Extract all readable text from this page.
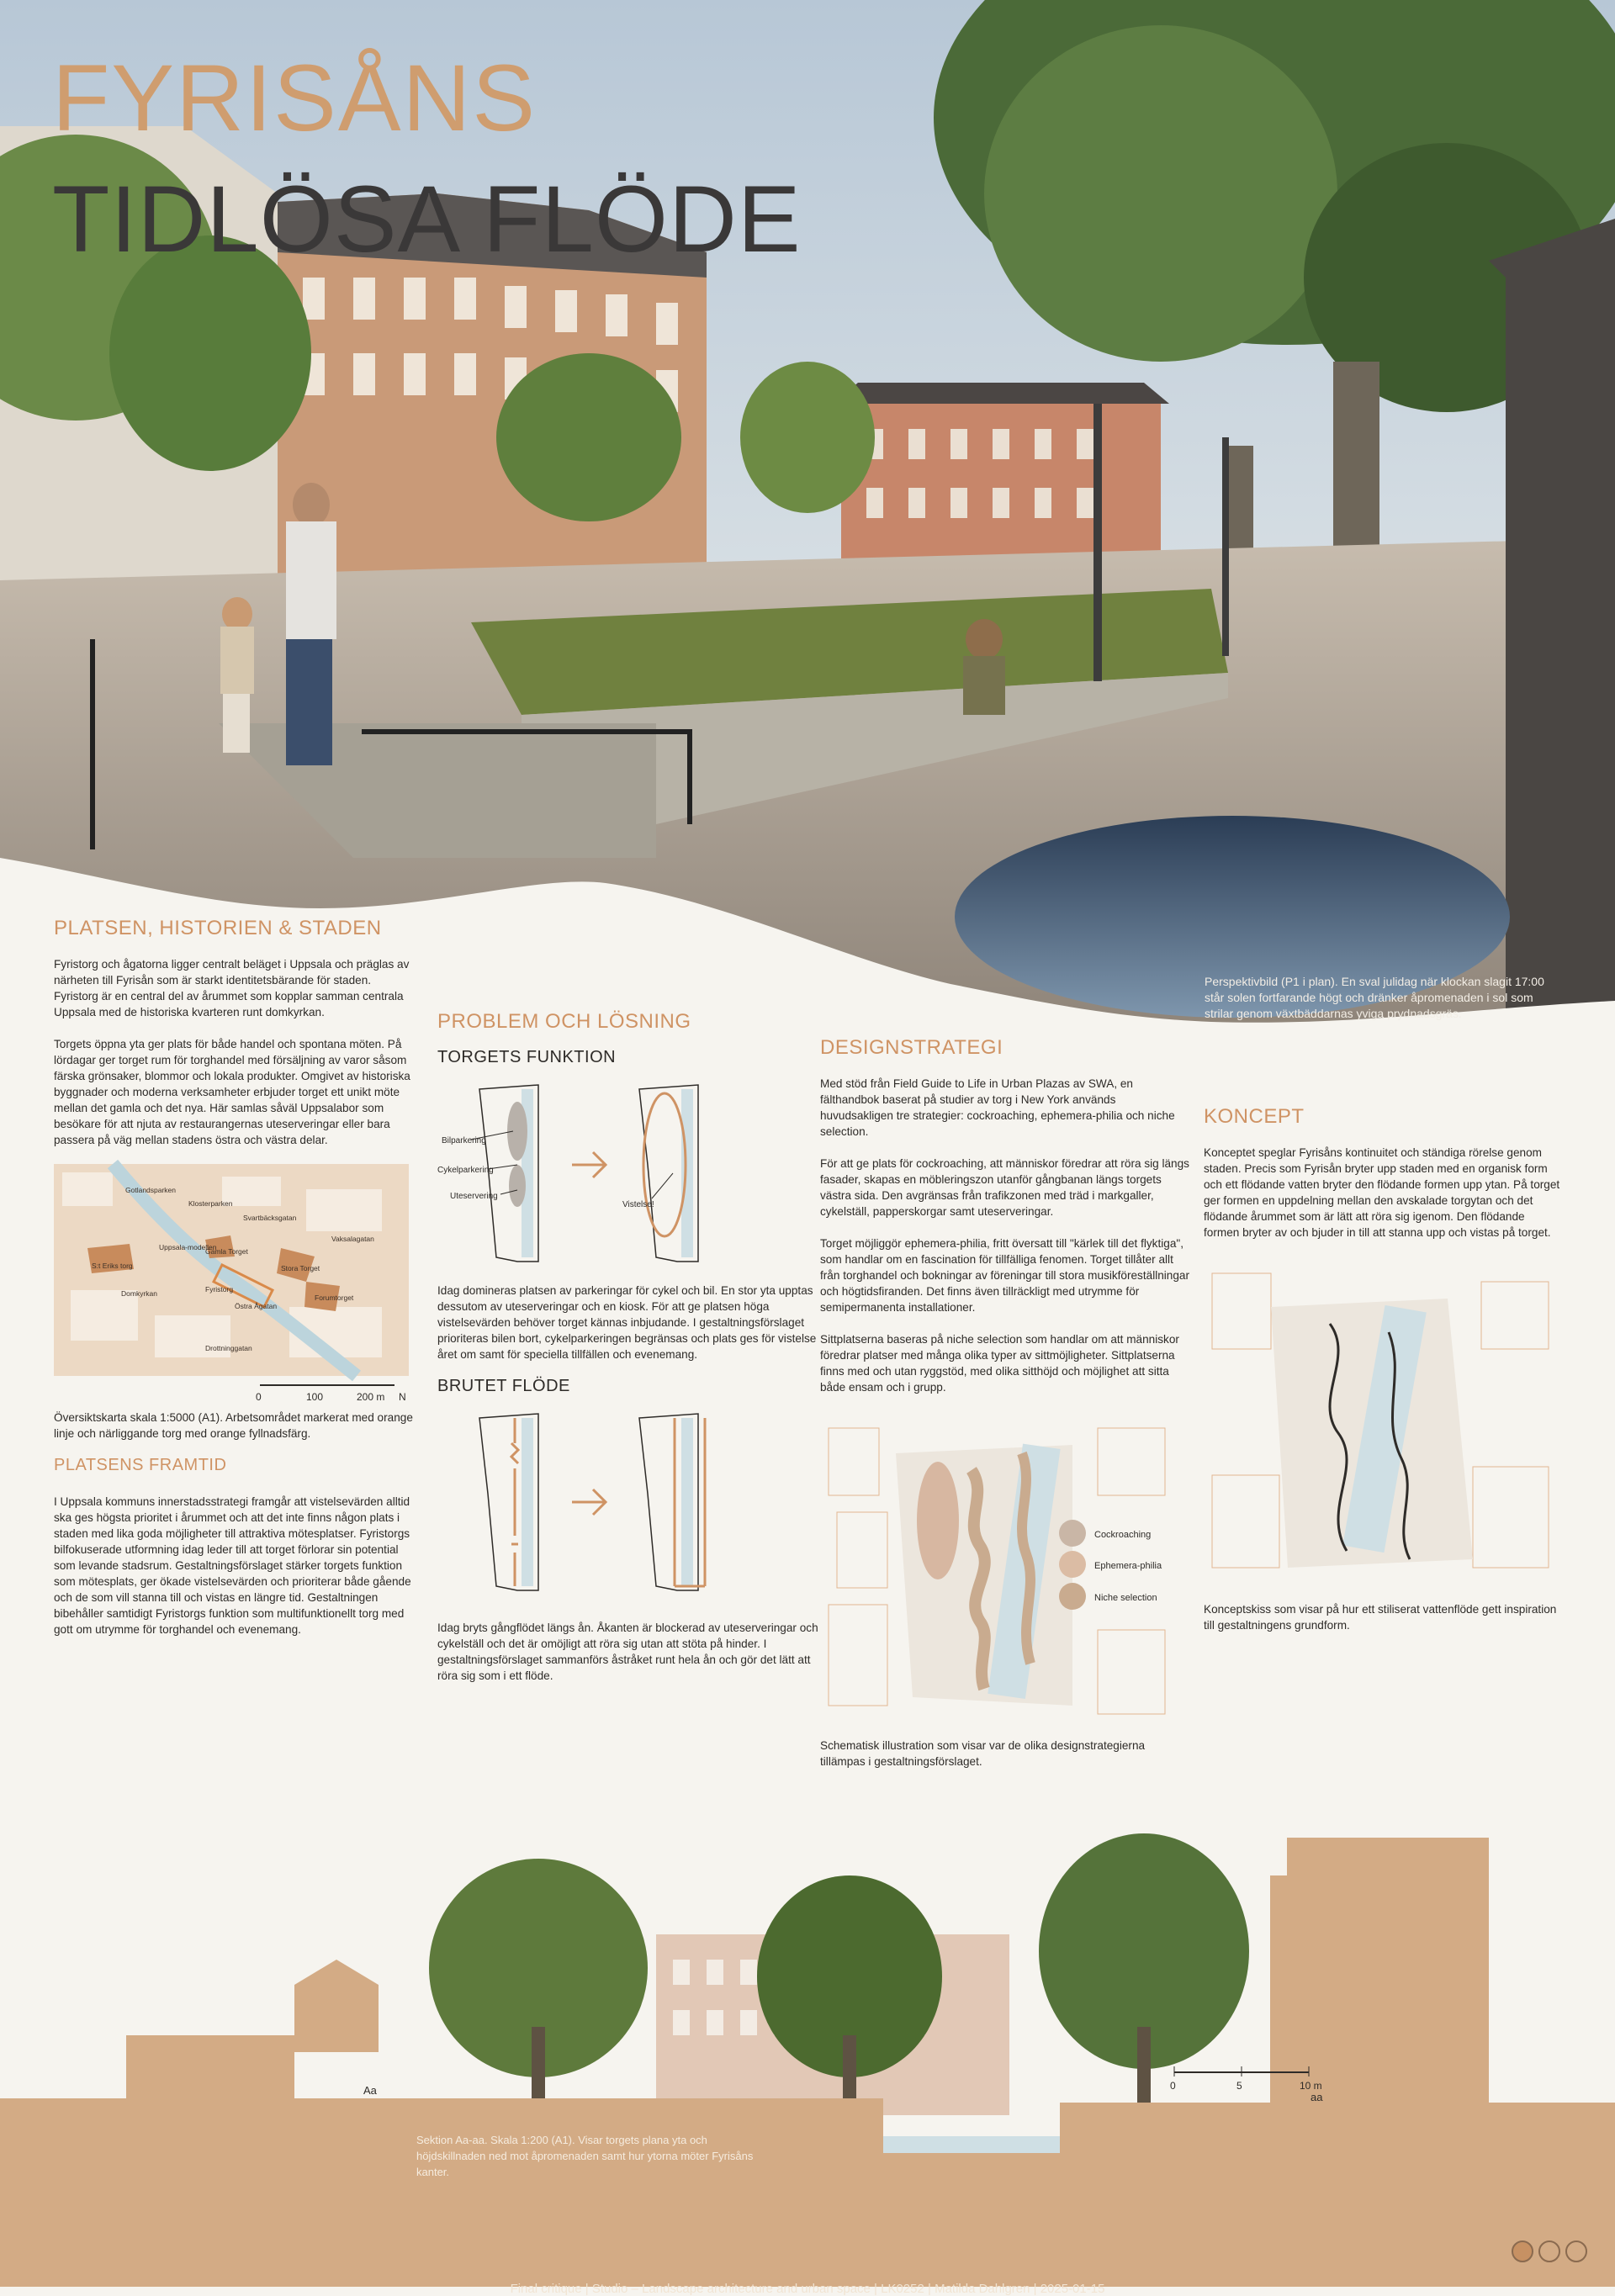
FYRISÅNS
TIDLÖSA FLÖDE
Perspektivbild (P1 i plan). En sval julidag när klockan slagit 17:00 står solen fortfarande högt och dränker åpromenaden i sol som strilar genom växtbäddarnas yviga prydnadsgräs.
PLATSEN, HISTORIEN & STADEN

Fyristorg och ågatorna ligger centralt beläget i Uppsala och präglas av närheten till Fyrisån som är starkt identitetsbärande för staden. Fyristorg är en central del av årummet som kopplar samman centrala Uppsala med de historiska kvarteren runt domkyrkan.

Torgets öppna yta ger plats för både handel och spontana möten. På lördagar ger torget rum för torghandel med försäljning av varor såsom färska grönsaker, blommor och lokala produkter. Omgivet av historiska byggnader och moderna verksamheter erbjuder torget ett unikt möte mellan det gamla och det nya. Här samlas såväl Uppsalabor som besökare för att njuta av restaurangernas uteserveringar eller bara passera på väg mellan stadens östra och västra delar.

Gotlandsparken
Klosterparken
Svartbäcksgatan
Vaksalagatan
S:t Eriks torg
Uppsala-modellen
Gamla Torget
Stora Torget
Domkyrkan	Fyristorg
Östra Ågatan
Forumtorget
Drottninggatan
0	100	200 m N

Översiktskarta skala 1:5000 (A1). Arbetsområdet markerat med orange linje och närliggande torg med orange fyllnadsfärg.

PLATSENS FRAMTID

I Uppsala kommuns innerstadsstrategi framgår att vistelsevärden alltid ska ges högsta prioritet i årummet och att det inte finns någon plats i staden med lika goda möjligheter till attraktiva mötesplatser. Fyristorgs bilfokuserade utformning idag leder till att torget förlorar sin potential som levande stadsrum. Gestaltningsförslaget stärker torgets funktion som mötesplats, ger ökade vistelsevärden och prioriterar både gående och de som vill stanna till och vistas en längre tid. Gestaltningen bibehåller samtidigt Fyristorgs funktion som multifunktionellt torg med gott om utrymme för torghandel och evenemang.

PROBLEM OCH LÖSNING
TORGETS FUNKTION
Bilparkering
Cykelparkering
Uteservering
Vistelse!

Idag domineras platsen av parkeringar för cykel och bil. En stor yta upptas dessutom av uteserveringar och en kiosk. För att ge platsen höga vistelsevärden behöver torget kännas inbjudande. I gestaltningsförslaget prioriteras bilen bort, cykelparkeringen begränsas och plats ges för vistelse året om samt för speciella tillfällen och evenemang.

BRUTET FLÖDE

Idag bryts gångflödet längs ån. Åkanten är blockerad av uteserveringar och cykelställ och det är omöjligt att röra sig utan att stöta på hinder. I gestaltningsförslaget sammanförs åstråket runt hela ån och gör det lätt att röra sig som i ett flöde.

DESIGNSTRATEGI

Med stöd från Field Guide to Life in Urban Plazas av SWA, en fälthandbok baserat på studier av torg i New York används huvudsakligen tre strategier: cockroaching, ephemera-philia och niche selection.

För att ge plats för cockroaching, att människor föredrar att röra sig längs fasader, skapas en möbleringszon utanför gångbanan längs torgets västra sida. Den avgränsas från trafikzonen med träd i markgaller, cykelställ, papperskorgar samt uteserveringar.

Torget möjliggör ephemera-philia, fritt översatt till "kärlek till det flyktiga", som handlar om en fascination för tillfälliga fenomen. Torget tillåter allt från torghandel och bokningar av föreningar till stora musikföreställningar och högtidsfiranden. Det finns även tillräckligt med utrymme för semipermanenta installationer.

Sittplatserna baseras på niche selection som handlar om att människor föredrar platser med många olika typer av sittmöjligheter. Sittplatserna finns med och utan ryggstöd, med olika sitthöjd och möjlighet att sitta både ensam och i grupp.

Cockroaching
Ephemera-philia
Niche selection

Schematisk illustration som visar var de olika designstrategierna tillämpas i gestaltningsförslaget.

KONCEPT

Konceptet speglar Fyrisåns kontinuitet och ständiga rörelse genom staden. Precis som Fyrisån bryter upp staden med en organisk form och ett flödande vatten bryter den flödande formen upp ytan. På torget ger formen en uppdelning mellan den avskalade torgytan och det flödande årummet som är lätt att röra sig igenom. Den flödande formen bryter av och bjuder in till att stanna upp och vistas på torget.

Konceptskiss som visar på hur ett stiliserat vattenflöde gett inspiration till gestaltningens grundform.

Aa
aa
0	5	10 m
Sektion Aa-aa. Skala 1:200 (A1). Visar torgets plana yta och höjdskillnaden ned mot åpromenaden samt hur ytorna möter Fyrisåns kanter.
Final critique | Studio – Landscape architecture and urban space | LK0252 | Matilda Dahlgren | 2025-01-15
